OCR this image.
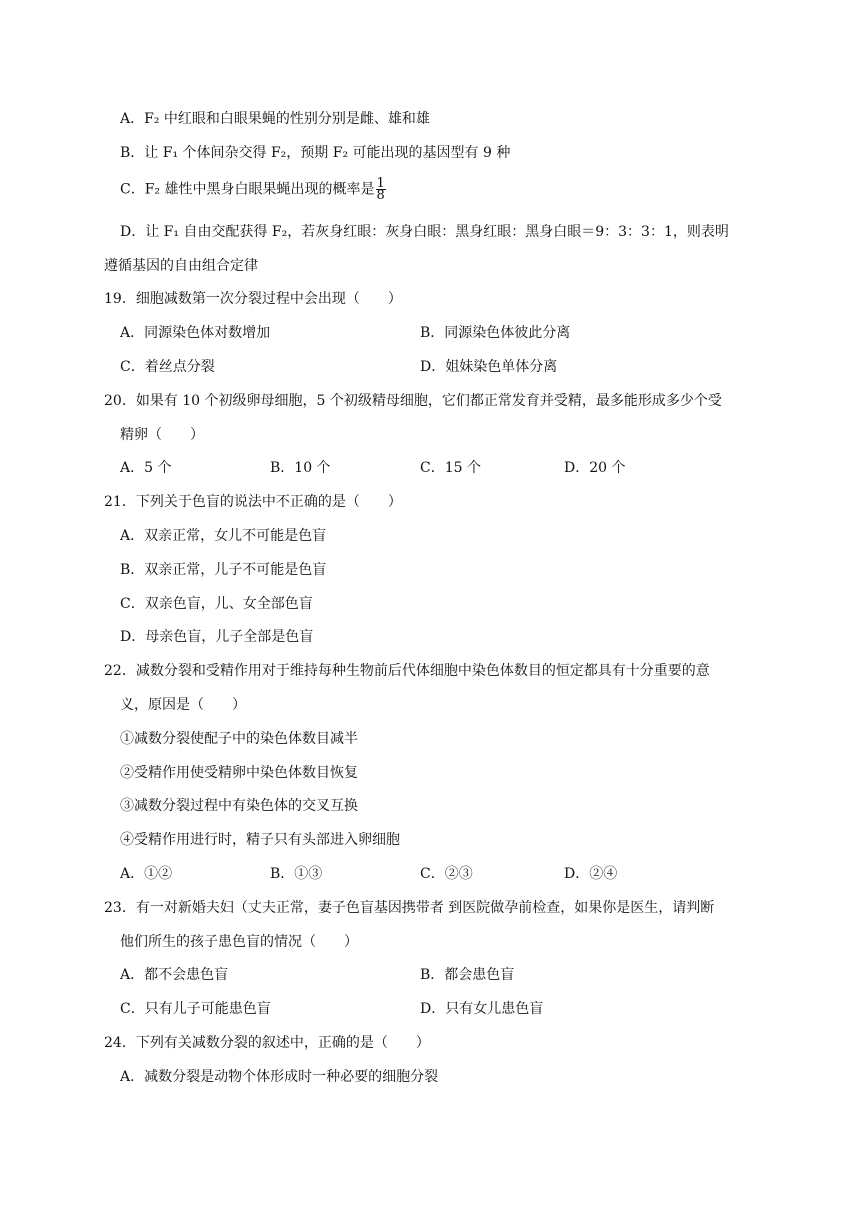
A．F₂ 中红眼和白眼果蝇的性别分别是雌、雄和雄
B．让 F₁ 个体间杂交得 F₂，预期 F₂ 可能出现的基因型有 9 种
C．F₂ 雄性中黑身白眼果蝇出现的概率是 $\frac{1}{8}$
D．让 F₁ 自由交配获得 F₂，若灰身红眼：灰身白眼：黑身红眼：黑身白眼＝9：3：3：1，则表明
遵循基因的自由组合定律
19．细胞减数第一次分裂过程中会出现（　　）
A．同源染色体对数增加	B．同源染色体彼此分离
C．着丝点分裂	D．姐妹染色单体分离
20．如果有 10 个初级卵母细胞，5 个初级精母细胞，它们都正常发育并受精，最多能形成多少个受
精卵（　　）
A．5 个	B．10 个	C．15 个	D．20 个
21．下列关于色盲的说法中不正确的是（　　）
A．双亲正常，女儿不可能是色盲
B．双亲正常，儿子不可能是色盲
C．双亲色盲，儿、女全部色盲
D．母亲色盲，儿子全部是色盲
22．减数分裂和受精作用对于维持每种生物前后代体细胞中染色体数目的恒定都具有十分重要的意
义，原因是（　　）
①减数分裂使配子中的染色体数目减半
②受精作用使受精卵中染色体数目恢复
③减数分裂过程中有染色体的交叉互换
④受精作用进行时，精子只有头部进入卵细胞
A．①②	B．①③	C．②③	D．②④
23．有一对新婚夫妇（丈夫正常，妻子色盲基因携带者 到医院做孕前检查，如果你是医生，请判断
他们所生的孩子患色盲的情况（　　）
A．都不会患色盲	B．都会患色盲
C．只有儿子可能患色盲	D．只有女儿患色盲
24．下列有关减数分裂的叙述中，正确的是（　　）
A．减数分裂是动物个体形成时一种必要的细胞分裂
